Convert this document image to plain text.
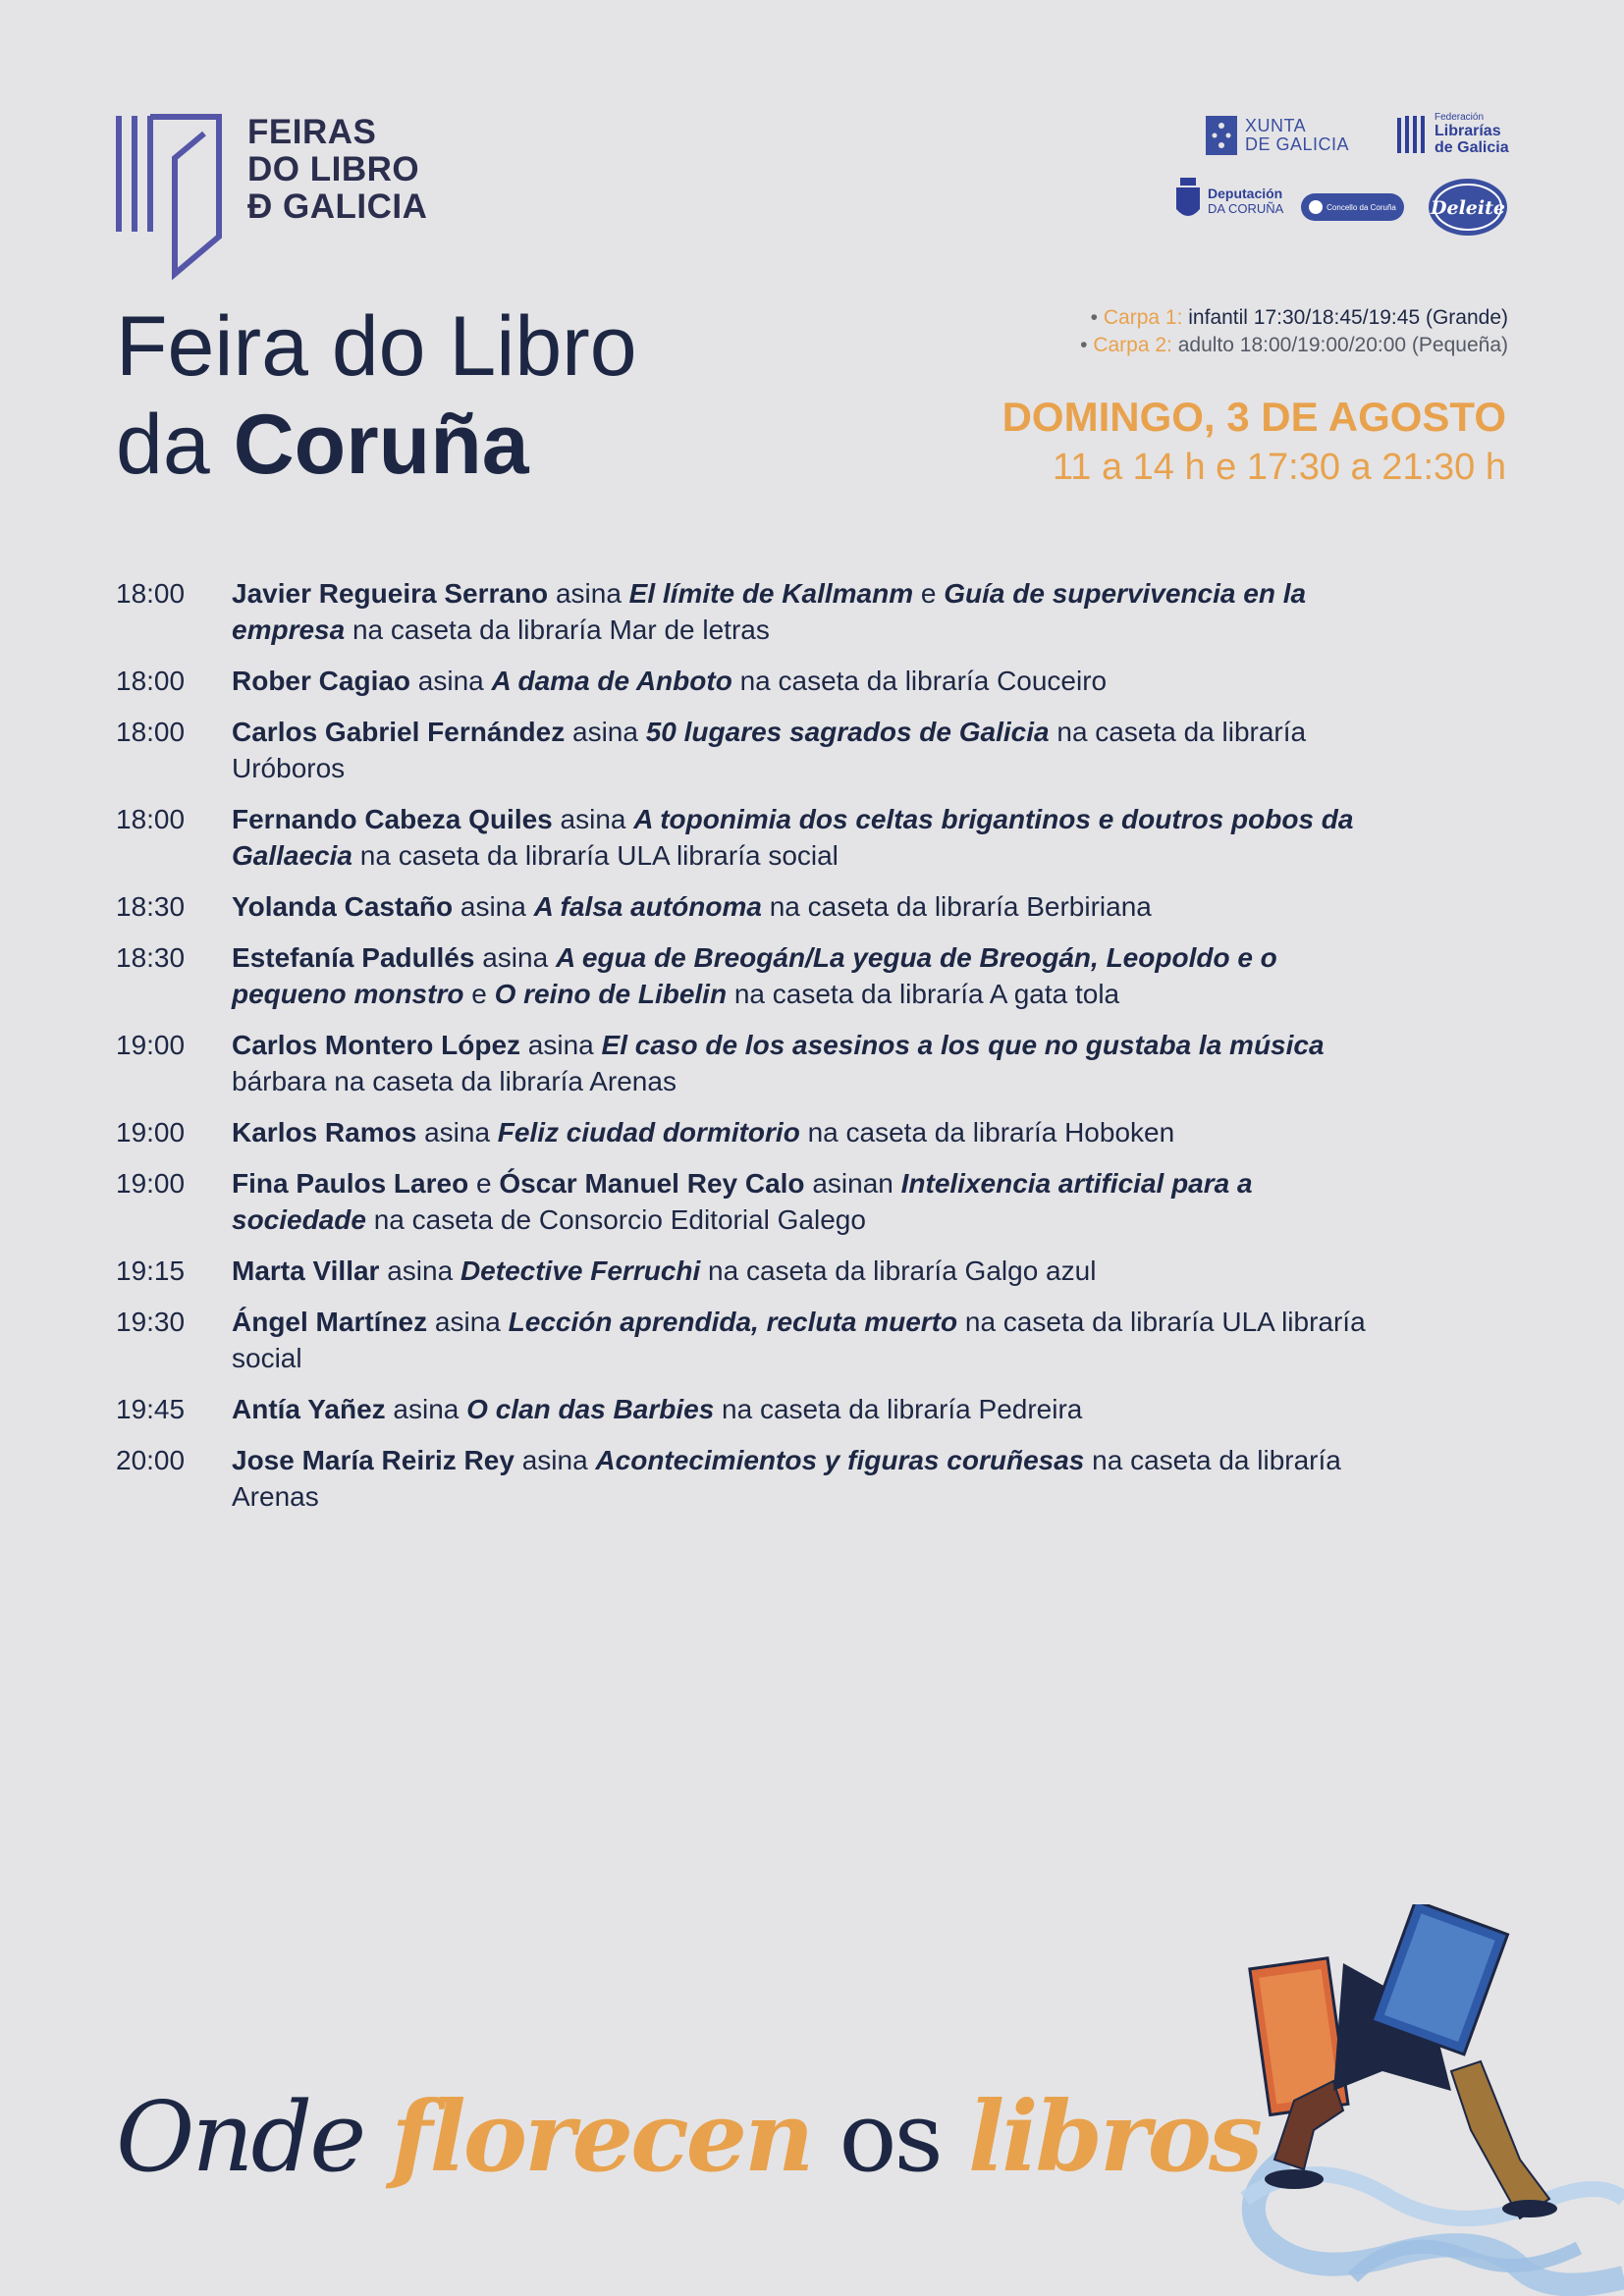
FEIRAS
DO LIBRO
Ð GALICIA
XUNTA
DE GALICIA
Federación
Librarías
de Galicia
Deputación
DA CORUÑA	Concello da Coruña Deleite
Feira do Libro
da Coruña
• Carpa 1: infantil 17:30/18:45/19:45 (Grande)
• Carpa 2: adulto 18:00/19:00/20:00 (Pequeña)
DOMINGO, 3 DE AGOSTO
11 a 14 h e 17:30 a 21:30 h
18:00	Javier Regueira Serrano asina El límite de Kallmanm e Guía de supervivencia en la empresa na caseta da libraría Mar de letras
18:00	Rober Cagiao asina A dama de Anboto na caseta da libraría Couceiro
18:00	Carlos Gabriel Fernández asina 50 lugares sagrados de Galicia na caseta da libraría Uróboros
18:00	Fernando Cabeza Quiles asina A toponimia dos celtas brigantinos e doutros pobos da Gallaecia na caseta da libraría ULA libraría social
18:30	Yolanda Castaño asina A falsa autónoma na caseta da libraría Berbiriana
18:30	Estefanía Padullés asina A egua de Breogán/La yegua de Breogán, Leopoldo e o pequeno monstro e O reino de Libelin na caseta da libraría A gata tola
19:00	Carlos Montero López asina El caso de los asesinos a los que no gustaba la música bárbara na caseta da libraría Arenas
19:00	Karlos Ramos asina Feliz ciudad dormitorio na caseta da libraría Hoboken
19:00	Fina Paulos Lareo e Óscar Manuel Rey Calo asinan Intelixencia artificial para a sociedade na caseta de Consorcio Editorial Galego
19:15	Marta Villar asina Detective Ferruchi na caseta da libraría Galgo azul
19:30	Ángel Martínez asina Lección aprendida, recluta muerto na caseta da libraría ULA libraría social
19:45	Antía Yañez asina O clan das Barbies na caseta da libraría Pedreira
20:00	Jose María Reiriz Rey asina Acontecimientos y figuras coruñesas na caseta da libraría Arenas
Onde florecen os libros
